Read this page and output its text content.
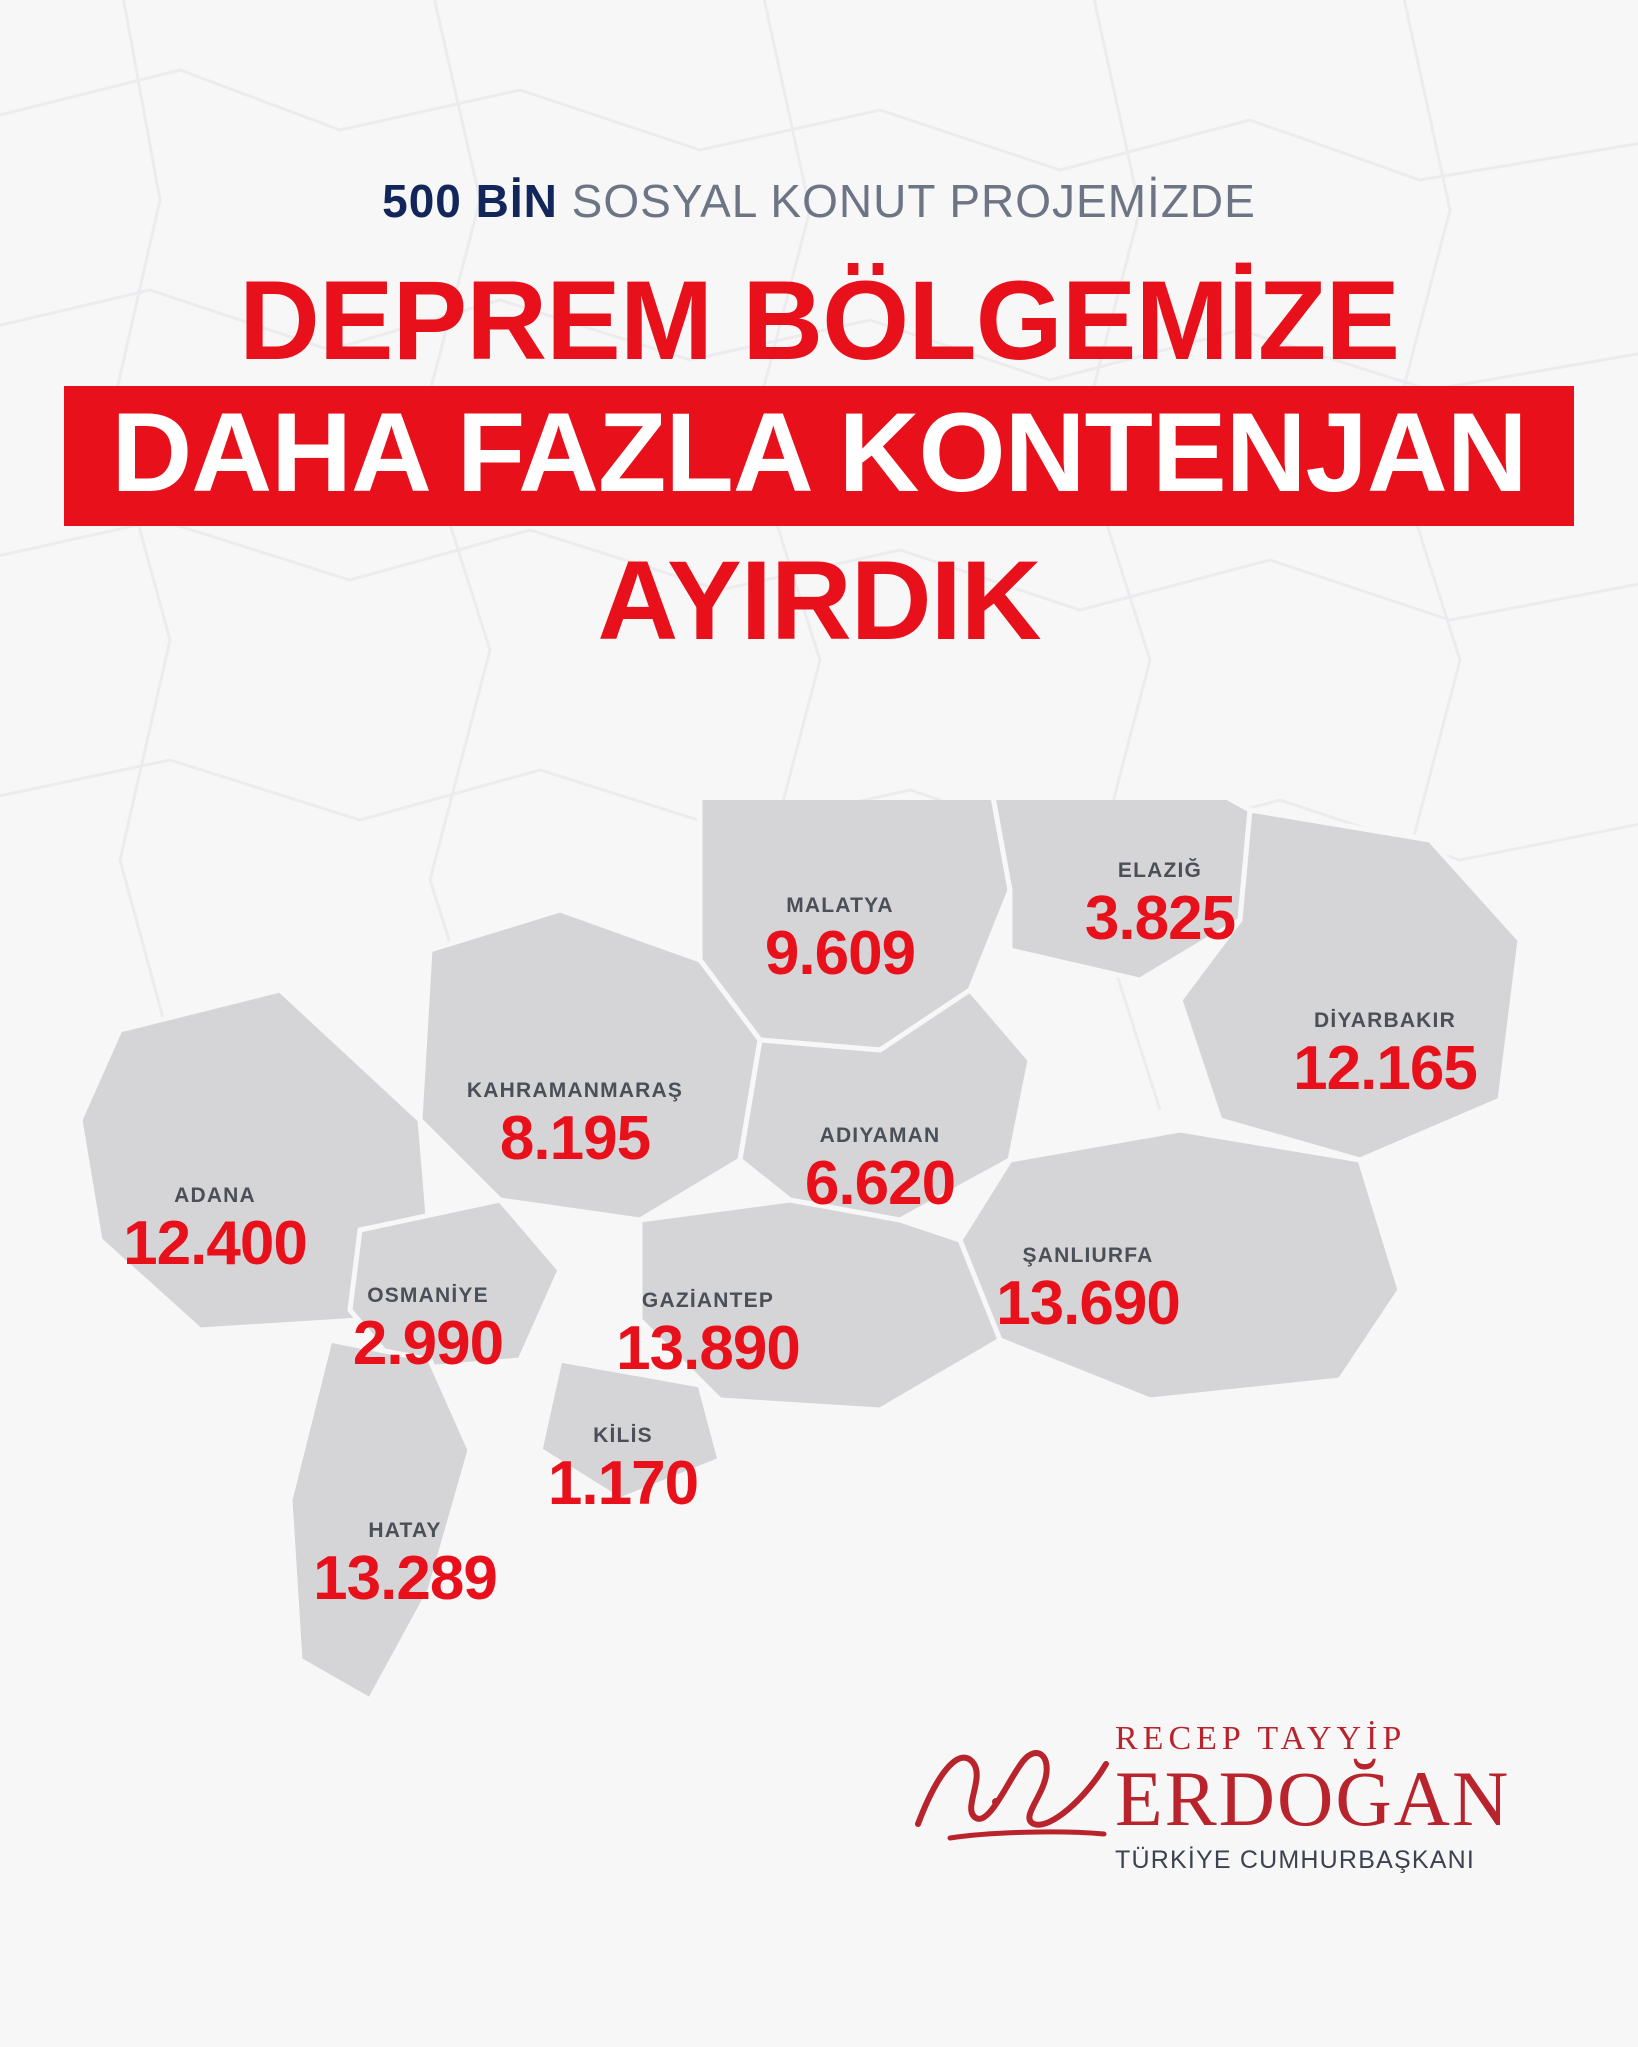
500 BİN SOSYAL KONUT PROJEMİZDE
DEPREM BÖLGEMİZE
DAHA FAZLA KONTENJAN
AYIRDIK
MALATYA
9.609
ELAZIĞ
3.825
DİYARBAKIR
12.165
KAHRAMANMARAŞ
8.195	ADIYAMAN
6.620
ADANA
12.400	ŞANLIURFA
13.690
OSMANİYE
2.990
GAZİANTEP
13.890
KİLİS
1.170
HATAY
13.289
RECEP TAYYİP
ERDOĞAN
TÜRKİYE CUMHURBAŞKANI
